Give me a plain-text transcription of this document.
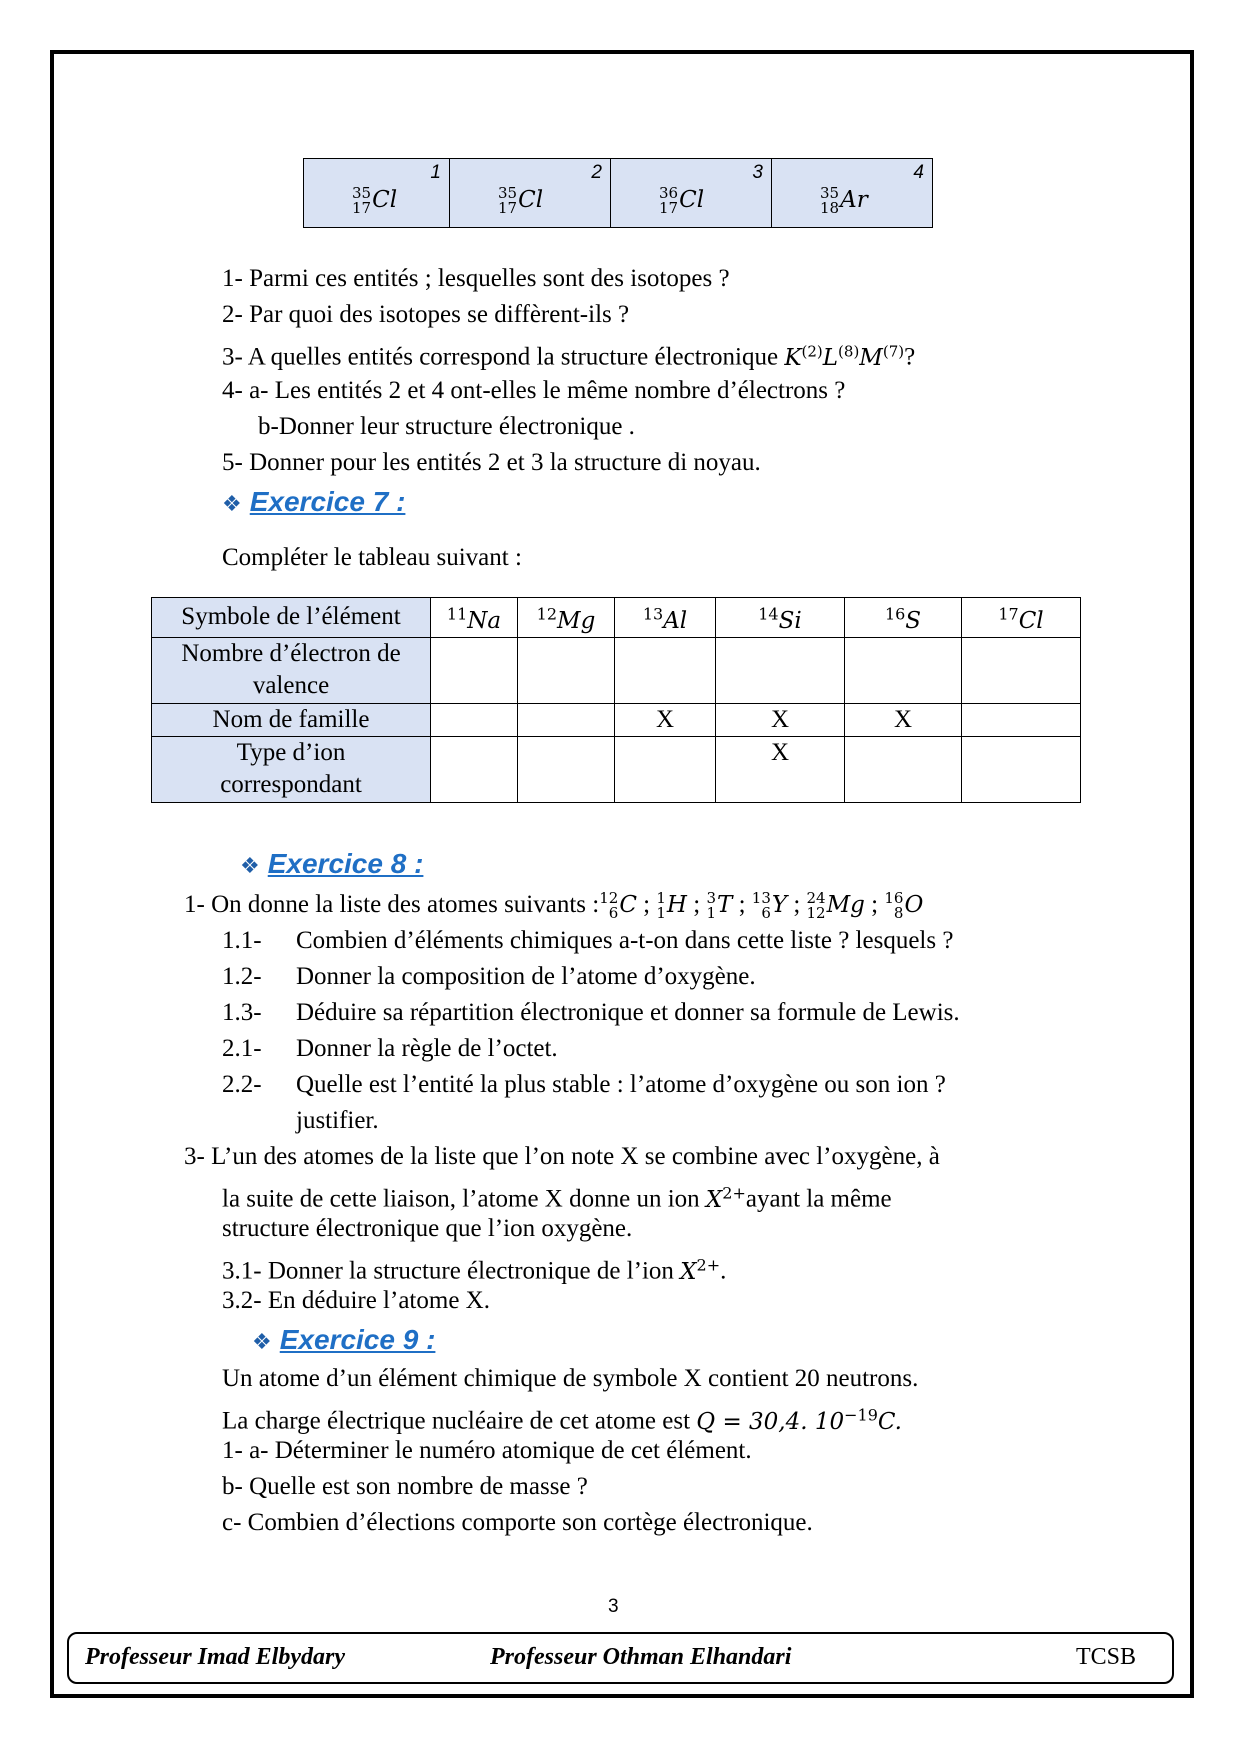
1
35
17 Cl

2
35
17 Cl

3
36
17 Cl

4
35
18 Ar
1- Parmi ces entités ; lesquelles sont des isotopes ?
2- Par quoi des isotopes se diffèrent-ils ?
3- A quelles entités correspond la structure électronique $K^{(2)}L^{(8)}M^{(7)}$?
4- a- Les entités 2 et 4 ont-elles le même nombre d’électrons ?
b-Donner leur structure électronique .
5- Donner pour les entités 2 et 3 la structure di noyau.
❖ Exercice 7 :
Compléter le tableau suivant :
Symbole de l’élément	$^{11}$Na	$^{12}$Mg	$^{13}$Al	$^{14}$Si	$^{16}$S	$^{17}$Cl
Nombre d’électron de
valence						
Nom de famille			X	X	X	
Type d’ion
correspondant				X		
❖ Exercice 8 :
1- On donne la liste des atomes suivants : 12
6 C ; 1
1 H ; 3
1 T ; 13
6 Y ; 24
12 Mg ; 16
8 O
1.1- Combien d’éléments chimiques a-t-on dans cette liste ? lesquels ?
1.2- Donner la composition de l’atome d’oxygène.
1.3- Déduire sa répartition électronique et donner sa formule de Lewis.
2.1- Donner la règle de l’octet.
2.2- Quelle est l’entité la plus stable : l’atome d’oxygène ou son ion ?
justifier.
3- L’un des atomes de la liste que l’on note X se combine avec l’oxygène, à
la suite de cette liaison, l’atome X donne un ion $X^{2+}ayant$ la même
structure électronique que l’ion oxygène.
3.1- Donner la structure électronique de l’ion $X^{2+}$.
3.2- En déduire l’atome X.
❖ Exercice 9 :
Un atome d’un élément chimique de symbole X contient 20 neutrons.
La charge électrique nucléaire de cet atome est Q = 30,4. $10^{-19}C$.
1- a- Déterminer le numéro atomique de cet élément.
b- Quelle est son nombre de masse ?
c- Combien d’élections comporte son cortège électronique.
3
Professeur Imad Elbydary	Professeur Othman Elhandari	TCSB
